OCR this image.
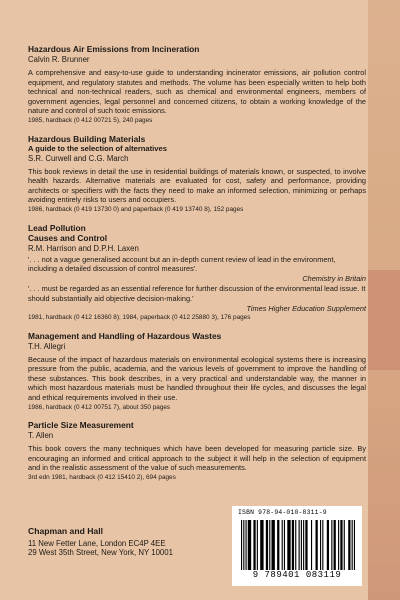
Hazardous Air Emissions from Incineration
Calvin R. Brunner

A comprehensive and easy-to-use guide to understanding incinerator emissions, air pollution control equipment, and regulatory statutes and methods. The volume has been especially written to help both technical and non-technical readers, such as chemical and environmental engineers, members of government agencies, legal personnel and concerned citizens, to obtain a working knowledge of the nature and control of such toxic emissions.

1985, hardback (0 412 00721 5), 240 pages
Hazardous Building Materials
A guide to the selection of alternatives
S.R. Curwell and C.G. March

This book reviews in detail the use in residential buildings of materials known, or suspected, to involve health hazards. Alternative materials are evaluated for cost, safety and performance, providing architects or specifiers with the facts they need to make an informed selection, minimizing or perhaps avoiding entirely risks to users and occupiers.

1986, hardback (0 419 13730 0) and paperback (0 419 13740 8), 152 pages
Lead Pollution
Causes and Control
R.M. Harrison and D.P.H. Laxen

'. . . not a vague generalised account but an in-depth current review of lead in the environment, including a detailed discussion of control measures'.

Chemistry in Britain

'. . . must be regarded as an essential reference for further discussion of the environmental lead issue. It should substantially aid objective decision-making.'

Times Higher Education Supplement
1981, hardback (0 412 16360 8); 1984, paperback (0 412 25880 3), 176 pages
Management and Handling of Hazardous Wastes
T.H. Allegri

Because of the impact of hazardous materials on environmental ecological systems there is increasing pressure from the public, academia, and the various levels of government to improve the handling of these substances. This book describes, in a very practical and understandable way, the manner in which most hazardous materials must be handled throughout their life cycles, and discusses the legal and ethical requirements involved in their use.

1986, hardback (0 412 00751 7), about 350 pages
Particle Size Measurement
T. Allen

This book covers the many techniques which have been developed for measuring particle size. By encouraging an informed and critical approach to the subject it will help in the selection of equipment and in the realistic assessment of the value of such measurements.

3rd edn 1981, hardback (0 412 15410 2), 694 pages
Chapman and Hall
11 New Fetter Lane, London EC4P 4EE
29 West 35th Street, New York, NY 10001
ISBN 978-94-010-8311-9
9 789401 083119
